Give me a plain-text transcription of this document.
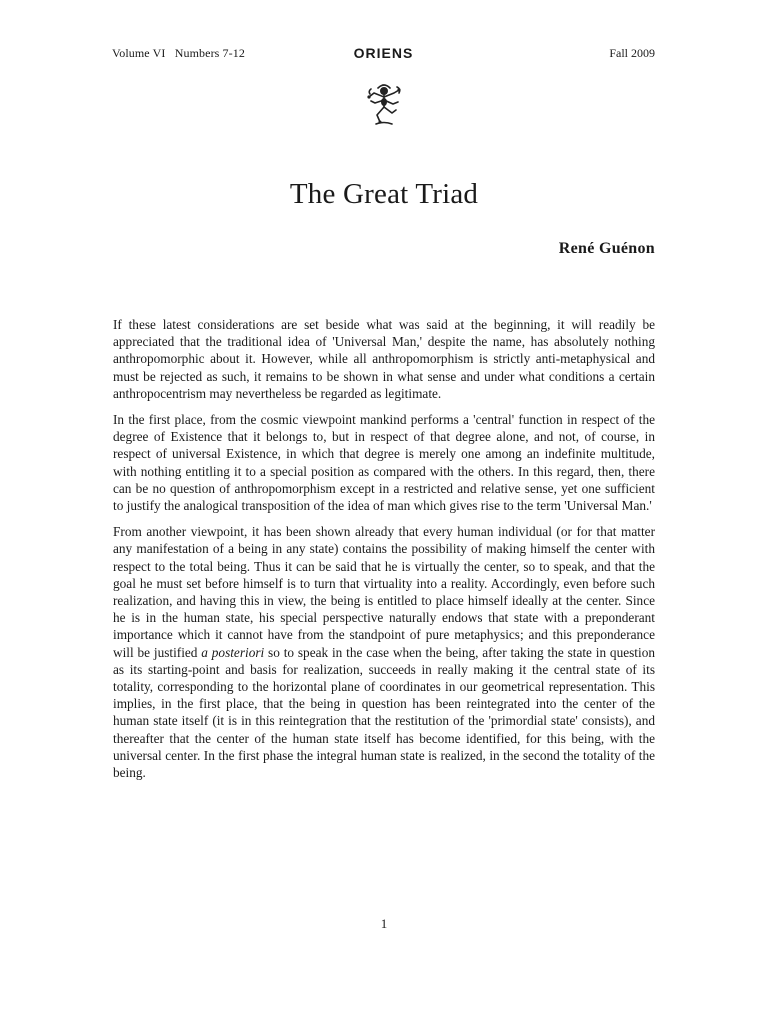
Volume VI   Numbers 7-12	ORIENS	Fall 2009
The Great Triad
René Guénon

If these latest considerations are set beside what was said at the beginning, it will readily be appreciated that the traditional idea of 'Universal Man,' despite the name, has absolutely nothing anthropomorphic about it. However, while all anthropomorphism is strictly anti-metaphysical and must be rejected as such, it remains to be shown in what sense and under what conditions a certain anthropocentrism may nevertheless be regarded as legitimate.

In the first place, from the cosmic viewpoint mankind performs a 'central' function in respect of the degree of Existence that it belongs to, but in respect of that degree alone, and not, of course, in respect of universal Existence, in which that degree is merely one among an indefinite multitude, with nothing entitling it to a special position as compared with the others. In this regard, then, there can be no question of anthropomorphism except in a restricted and relative sense, yet one sufficient to justify the analogical transposition of the idea of man which gives rise to the term 'Universal Man.'

From another viewpoint, it has been shown already that every human individual (or for that matter any manifestation of a being in any state) contains the possibility of making himself the center with respect to the total being. Thus it can be said that he is virtually the center, so to speak, and that the goal he must set before himself is to turn that virtuality into a reality. Accordingly, even before such realization, and having this in view, the being is entitled to place himself ideally at the center. Since he is in the human state, his special perspective naturally endows that state with a preponderant importance which it cannot have from the standpoint of pure metaphysics; and this preponderance will be justified a posteriori so to speak in the case when the being, after taking the state in question as its starting-point and basis for realization, succeeds in really making it the central state of its totality, corresponding to the horizontal plane of coordinates in our geometrical representation. This implies, in the first place, that the being in question has been reintegrated into the center of the human state itself (it is in this reintegration that the restitution of the 'primordial state' consists), and thereafter that the center of the human state itself has become identified, for this being, with the universal center. In the first phase the integral human state is realized, in the second the totality of the being.

1
